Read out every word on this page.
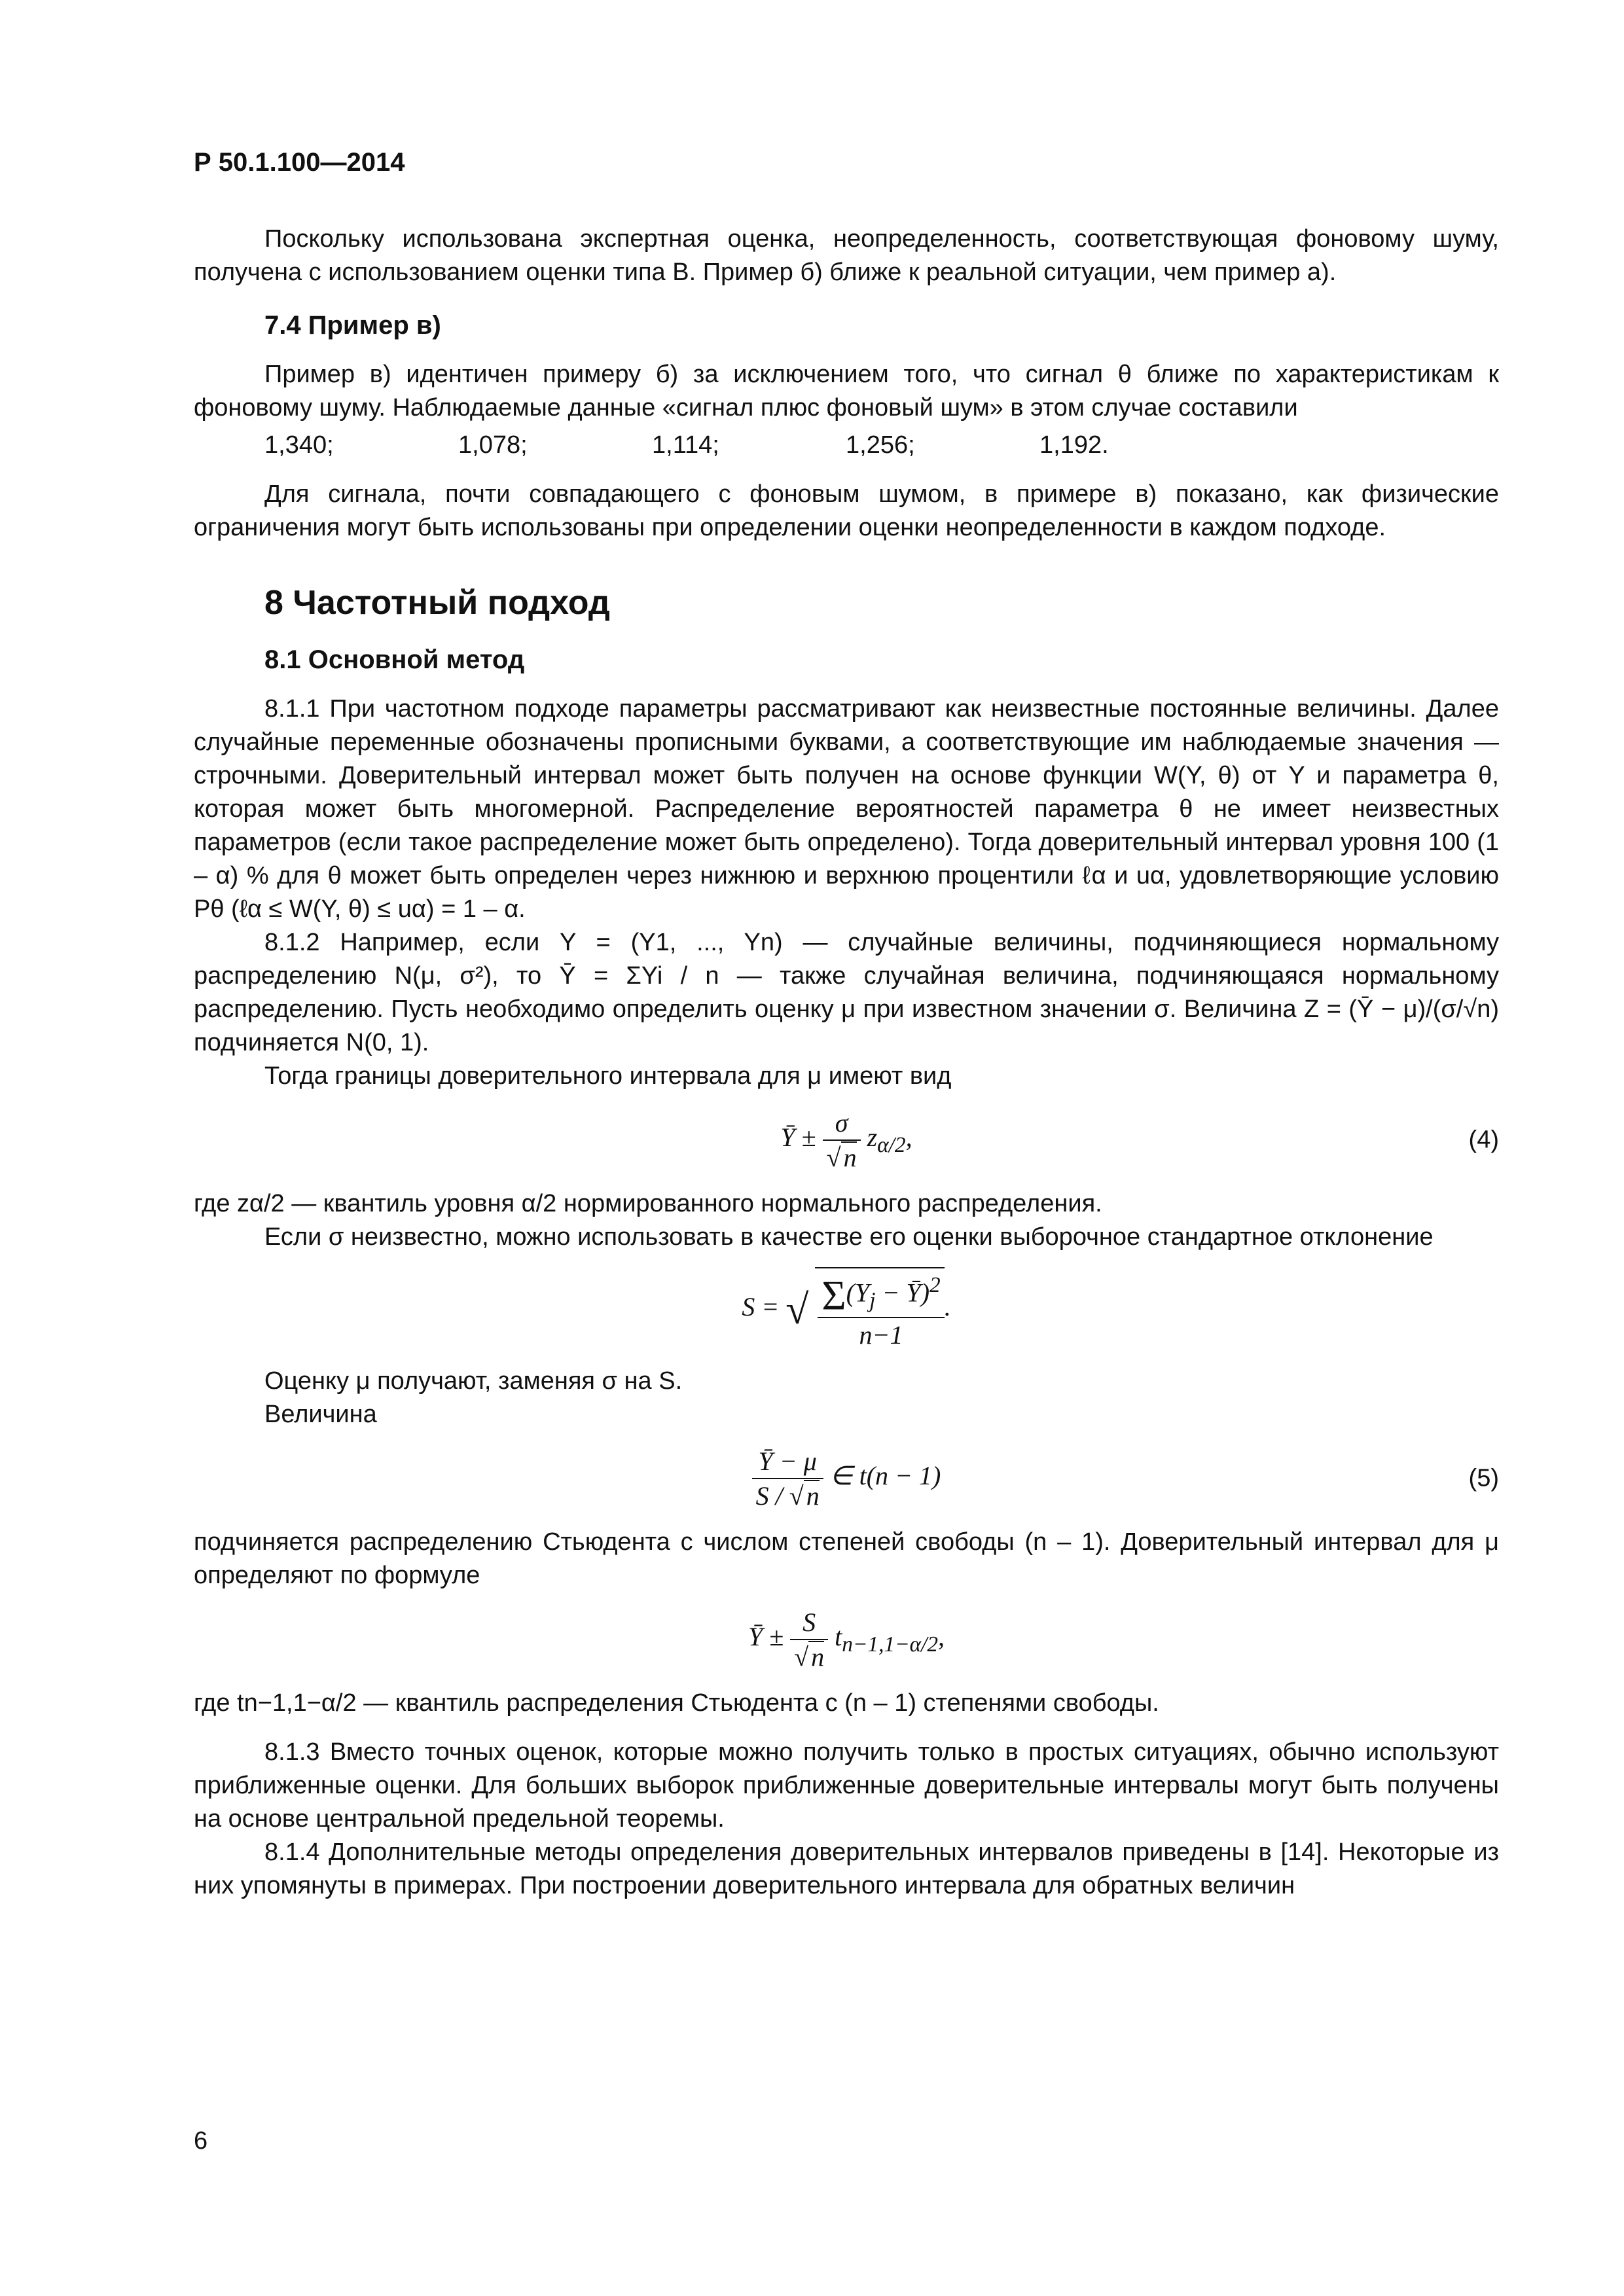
Р 50.1.100—2014

Поскольку использована экспертная оценка, неопределенность, соответствующая фоновому шуму, получена с использованием оценки типа В. Пример б) ближе к реальной ситуации, чем пример а).

7.4 Пример в)

Пример в) идентичен примеру б) за исключением того, что сигнал θ ближе по характеристикам к фоновому шуму. Наблюдаемые данные «сигнал плюс фоновый шум» в этом случае составили

1,340;	1,078;	1,114;	1,256;	1,192.

Для сигнала, почти совпадающего с фоновым шумом, в примере в) показано, как физические ограничения могут быть использованы при определении оценки неопределенности в каждом подходе.

8 Частотный подход
8.1 Основной метод

8.1.1 При частотном подходе параметры рассматривают как неизвестные постоянные величины. Далее случайные переменные обозначены прописными буквами, а соответствующие им наблюдаемые значения — строчными. Доверительный интервал может быть получен на основе функции W(Y, θ) от Y и параметра θ, которая может быть многомерной. Распределение вероятностей параметра θ не имеет неизвестных параметров (если такое распределение может быть определено). Тогда доверительный интервал уровня 100 (1 – α) % для θ может быть определен через нижнюю и верхнюю процентили ℓα и uα, удовлетворяющие условию Pθ (ℓα ≤ W(Y, θ) ≤ uα) = 1 – α.

8.1.2 Например, если Y = (Y1, ..., Yn) — случайные величины, подчиняющиеся нормальному распределению N(μ, σ²), то Ȳ = ΣYi / n — также случайная величина, подчиняющаяся нормальному распределению. Пусть необходимо определить оценку μ при известном значении σ. Величина Z = (Ȳ − μ)/(σ/√n) подчиняется N(0, 1).

Тогда границы доверительного интервала для μ имеют вид

Ȳ ± $\frac{\sigma}{√ n} z_{\alpha/2}$,	(4)

где zα/2 — квантиль уровня α/2 нормированного нормального распределения.

Если σ неизвестно, можно использовать в качестве его оценки выборочное стандартное отклонение

S = √ $\frac{\Sigma(Y_j - Ȳ)^2}{n-1}$ .

Оценку μ получают, заменяя σ на S.

Величина

$\frac{Ȳ - \mu}{S / √ n}$ ∈ t(n − 1)	(5)

подчиняется распределению Стьюдента с числом степеней свободы (n – 1). Доверительный интервал для μ определяют по формуле

Ȳ ± $\frac{S}{√ n} t_{n-1,1-\alpha/2}$,

где tn−1,1−α/2 — квантиль распределения Стьюдента с (n – 1) степенями свободы.

8.1.3 Вместо точных оценок, которые можно получить только в простых ситуациях, обычно используют приближенные оценки. Для больших выборок приближенные доверительные интервалы могут быть получены на основе центральной предельной теоремы.

8.1.4 Дополнительные методы определения доверительных интервалов приведены в [14]. Некоторые из них упомянуты в примерах. При построении доверительного интервала для обратных величин

6
